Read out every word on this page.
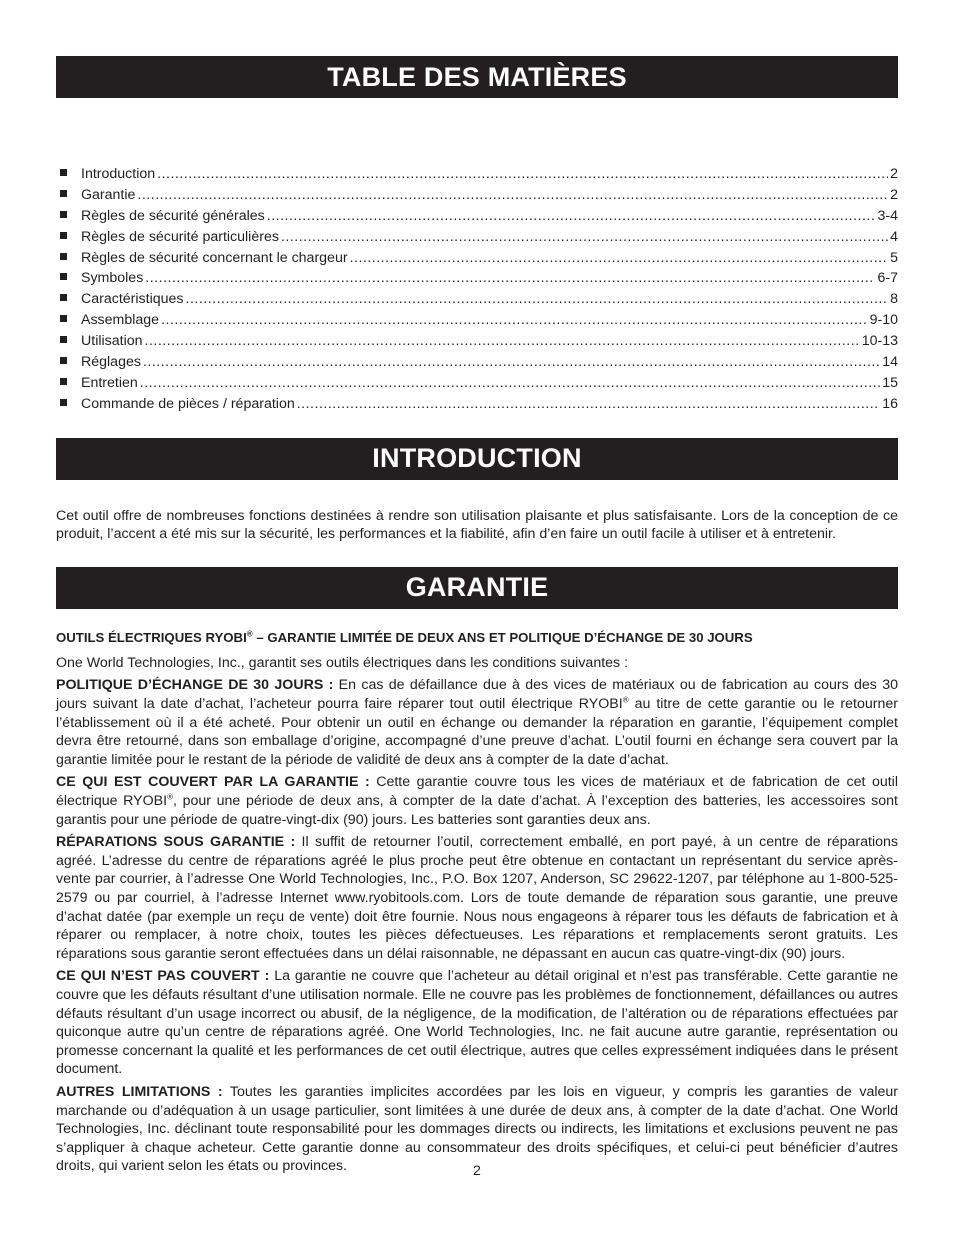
TABLE DES MATIÈRES
Introduction .....	2
Garantie .....	2
Règles de sécurité générales .....	3-4
Règles de sécurité particulières .....	4
Règles de sécurité concernant le chargeur .....	5
Symboles .....	6-7
Caractéristiques .....	8
Assemblage .....	9-10
Utilisation .....	10-13
Réglages .....	14
Entretien .....	15
Commande de pièces / réparation .....	16
INTRODUCTION

Cet outil offre de nombreuses fonctions destinées à rendre son utilisation plaisante et plus satisfaisante. Lors de la conception de ce produit, l’accent a été mis sur la sécurité, les performances et la fiabilité, afin d’en faire un outil facile à utiliser et à entretenir.

GARANTIE

OUTILS ÉLECTRIQUES RYOBI® – GARANTIE LIMITÉE DE DEUX ANS ET POLITIQUE D’ÉCHANGE DE 30 JOURS

One World Technologies, Inc., garantit ses outils électriques dans les conditions suivantes :

POLITIQUE D’ÉCHANGE DE 30 JOURS : En cas de défaillance due à des vices de matériaux ou de fabrication au cours des 30 jours suivant la date d’achat, l’acheteur pourra faire réparer tout outil électrique RYOBI® au titre de cette garantie ou le retourner l’établissement où il a été acheté. Pour obtenir un outil en échange ou demander la réparation en garantie, l’équipement complet devra être retourné, dans son emballage d’origine, accompagné d’une preuve d’achat. L’outil fourni en échange sera couvert par la garantie limitée pour le restant de la période de validité de deux ans à compter de la date d’achat.

CE QUI EST COUVERT PAR LA GARANTIE : Cette garantie couvre tous les vices de matériaux et de fabrication de cet outil électrique RYOBI®, pour une période de deux ans, à compter de la date d’achat. À l’exception des batteries, les accessoires sont garantis pour une période de quatre-vingt-dix (90) jours. Les batteries sont garanties deux ans.

RÉPARATIONS SOUS GARANTIE : Il suffit de retourner l’outil, correctement emballé, en port payé, à un centre de réparations agréé. L’adresse du centre de réparations agréé le plus proche peut être obtenue en contactant un représentant du service après-vente par courrier, à l’adresse One World Technologies, Inc., P.O. Box 1207, Anderson, SC 29622-1207, par téléphone au 1-800-525-2579 ou par courriel, à l’adresse Internet www.ryobitools.com. Lors de toute demande de réparation sous garantie, une preuve d’achat datée (par exemple un reçu de vente) doit être fournie. Nous nous engageons à réparer tous les défauts de fabrication et à réparer ou remplacer, à notre choix, toutes les pièces défectueuses. Les réparations et remplacements seront gratuits. Les réparations sous garantie seront effectuées dans un délai raisonnable, ne dépassant en aucun cas quatre-vingt-dix (90) jours.

CE QUI N’EST PAS COUVERT : La garantie ne couvre que l’acheteur au détail original et n’est pas transférable. Cette garantie ne couvre que les défauts résultant d’une utilisation normale. Elle ne couvre pas les problèmes de fonctionnement, défaillances ou autres défauts résultant d’un usage incorrect ou abusif, de la négligence, de la modification, de l’altération ou de réparations effectuées par quiconque autre qu’un centre de réparations agréé. One World Technologies, Inc. ne fait aucune autre garantie, représentation ou promesse concernant la qualité et les performances de cet outil électrique, autres que celles expressément indiquées dans le présent document.

AUTRES LIMITATIONS : Toutes les garanties implicites accordées par les lois en vigueur, y compris les garanties de valeur marchande ou d’adéquation à un usage particulier, sont limitées à une durée de deux ans, à compter de la date d’achat. One World Technologies, Inc. déclinant toute responsabilité pour les dommages directs ou indirects, les limitations et exclusions peuvent ne pas s’appliquer à chaque acheteur. Cette garantie donne au consommateur des droits spécifiques, et celui-ci peut bénéficier d’autres droits, qui varient selon les états ou provinces.	2
